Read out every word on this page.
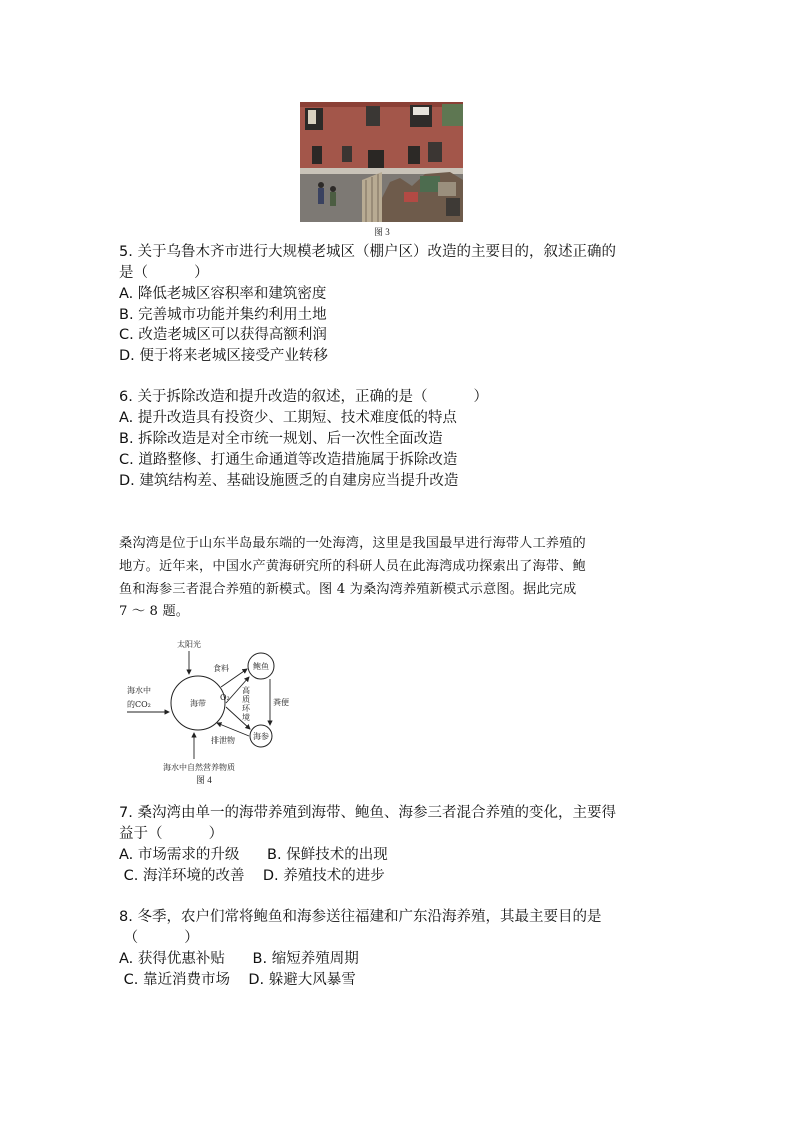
图 3
5. 关于乌鲁木齐市进行大规模老城区（棚户区）改造的主要目的，叙述正确的
是（          ）
A. 降低老城区容积率和建筑密度
B. 完善城市功能并集约利用土地
C. 改造老城区可以获得高额利润
D. 便于将来老城区接受产业转移
6. 关于拆除改造和提升改造的叙述，正确的是（          ）
A. 提升改造具有投资少、工期短、技术难度低的特点
B. 拆除改造是对全市统一规划、后一次性全面改造
C. 道路整修、打通生命通道等改造措施属于拆除改造
D. 建筑结构差、基础设施匮乏的自建房应当提升改造
桑沟湾是位于山东半岛最东端的一处海湾，这里是我国最早进行海带人工养殖的
地方。近年来，中国水产黄海研究所的科研人员在此海湾成功探索出了海带、鲍
鱼和海参三者混合养殖的新模式。图 4 为桑沟湾养殖新模式示意图。据此完成
7 ～ 8 题。
海带
鲍鱼
海参
太阳光
海水中
的CO₂
食料
O₂
高
质
环
境
粪便
排泄物
海水中自然营养物质
图 4
7. 桑沟湾由单一的海带养殖到海带、鲍鱼、海参三者混合养殖的变化，主要得
益于（          ）
A. 市场需求的升级      B. 保鲜技术的出现
C. 海洋环境的改善    D. 养殖技术的进步
8. 冬季，农户们常将鲍鱼和海参送往福建和广东沿海养殖，其最主要目的是
（          ）
A. 获得优惠补贴      B. 缩短养殖周期
C. 靠近消费市场    D. 躲避大风暴雪
